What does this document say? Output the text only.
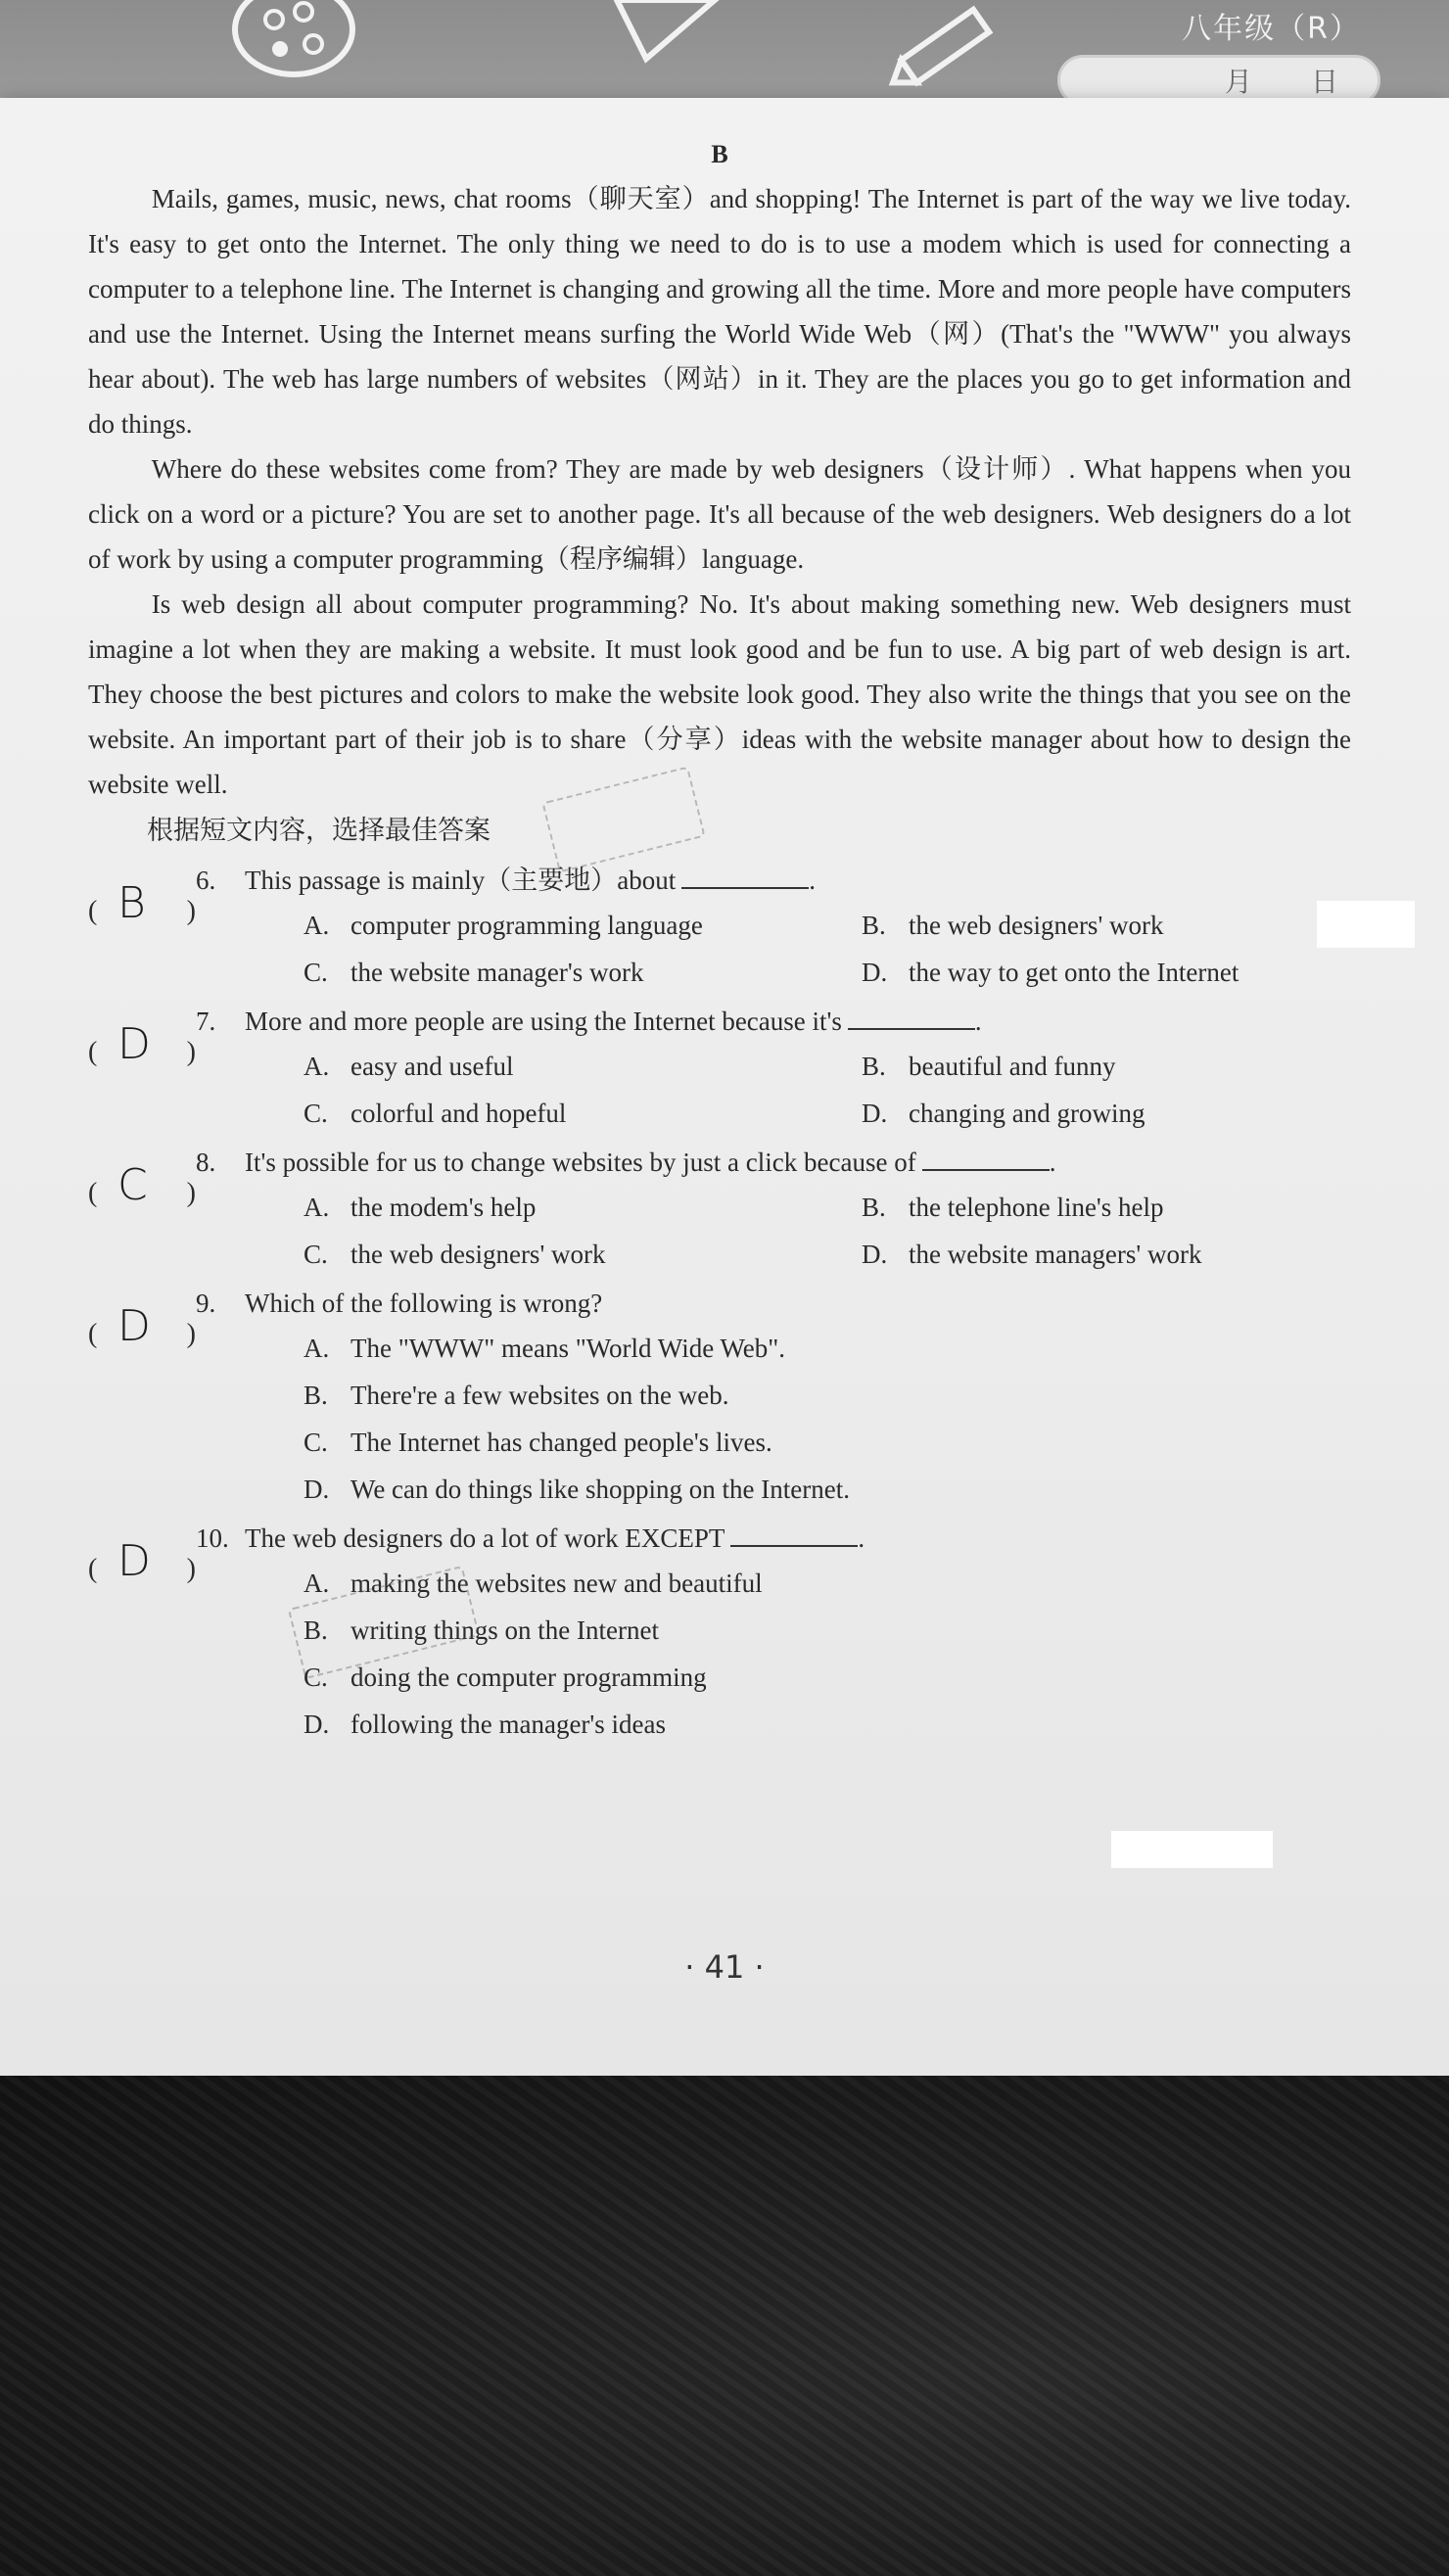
八年级（R）
月 日
B

Mails, games, music, news, chat rooms（聊天室）and shopping! The Internet is part of the way we live today. It's easy to get onto the Internet. The only thing we need to do is to use a modem which is used for connecting a computer to a telephone line. The Internet is changing and growing all the time. More and more people have computers and use the Internet. Using the Internet means surfing the World Wide Web（网）(That's the "WWW" you always hear about). The web has large numbers of websites（网站）in it. They are the places you go to get information and do things.

Where do these websites come from? They are made by web designers（设计师）. What happens when you click on a word or a picture? You are set to another page. It's all because of the web designers. Web designers do a lot of work by using a computer programming（程序编辑）language.

Is web design all about computer programming? No. It's about making something new. Web designers must imagine a lot when they are making a website. It must look good and be fun to use. A big part of web design is art. They choose the best pictures and colors to make the website look good. They also write the things that you see on the website. An important part of their job is to share（分享）ideas with the website manager about how to design the website well.

根据短文内容，选择最佳答案
( B )
6.	This passage is mainly（主要地）about	.
A. computer programming language	B. the web designers' work
C. the website manager's work	D. the way to get onto the Internet
( D )
7.	More and more people are using the Internet because it's	.
A. easy and useful	B. beautiful and funny
C. colorful and hopeful	D. changing and growing
( C )
8.	It's possible for us to change websites by just a click because of	.
A. the modem's help	B. the telephone line's help
C. the web designers' work	D. the website managers' work
( D )
9.	Which of the following is wrong?
A. The "WWW" means "World Wide Web".
B. There're a few websites on the web.
C. The Internet has changed people's lives.
D. We can do things like shopping on the Internet.
( D )
10. The web designers do a lot of work EXCEPT	.
A. making the websites new and beautiful
B. writing things on the Internet
C. doing the computer programming
D. following the manager's ideas
· 41 ·
